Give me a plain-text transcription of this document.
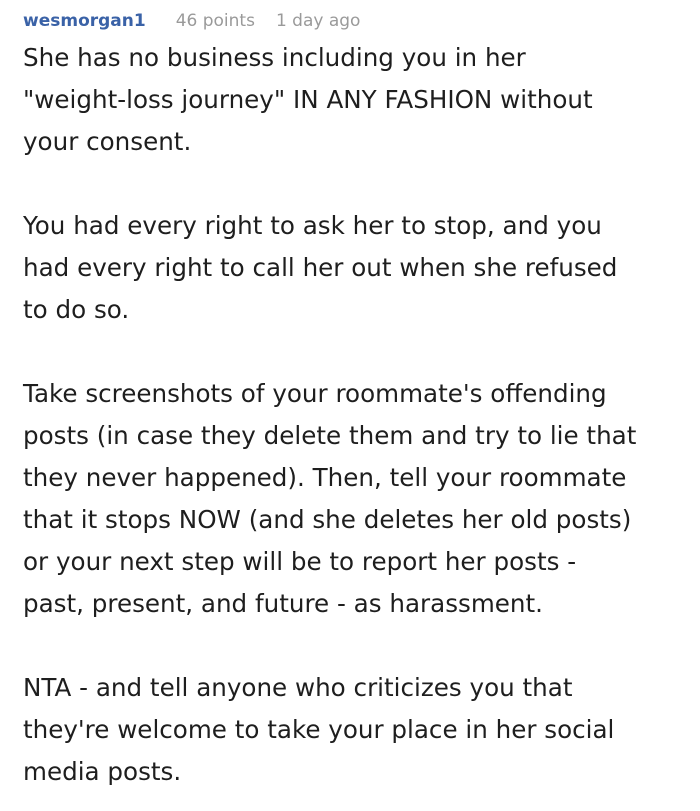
wesmorgan1 46 points 1 day ago

She has no business including you in her
"weight-loss journey" IN ANY FASHION without
your consent.

You had every right to ask her to stop, and you
had every right to call her out when she refused
to do so.

Take screenshots of your roommate's offending
posts (in case they delete them and try to lie that
they never happened). Then, tell your roommate
that it stops NOW (and she deletes her old posts)
or your next step will be to report her posts -
past, present, and future - as harassment.

NTA - and tell anyone who criticizes you that
they're welcome to take your place in her social
media posts.
